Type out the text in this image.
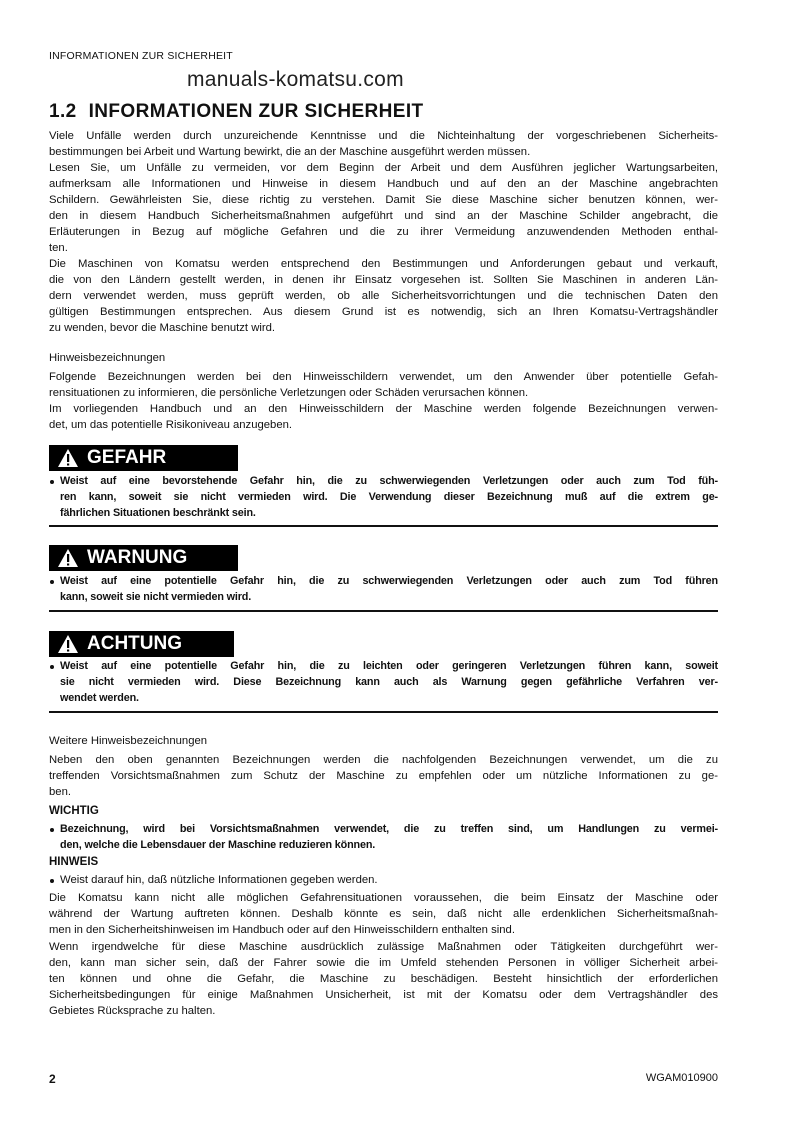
INFORMATIONEN ZUR SICHERHEIT
manuals-komatsu.com
1.2 INFORMATIONEN ZUR SICHERHEIT
Viele Unfälle werden durch unzureichende Kenntnisse und die Nichteinhaltung der vorgeschriebenen Sicherheits-
bestimmungen bei Arbeit und Wartung bewirkt, die an der Maschine ausgeführt werden müssen.
Lesen Sie, um Unfälle zu vermeiden, vor dem Beginn der Arbeit und dem Ausführen jeglicher Wartungsarbeiten,
aufmerksam alle Informationen und Hinweise in diesem Handbuch und auf den an der Maschine angebrachten
Schildern. Gewährleisten Sie, diese richtig zu verstehen. Damit Sie diese Maschine sicher benutzen können, wer-
den in diesem Handbuch Sicherheitsmaßnahmen aufgeführt und sind an der Maschine Schilder angebracht, die
Erläuterungen in Bezug auf mögliche Gefahren und die zu ihrer Vermeidung anzuwendenden Methoden enthal-
ten.
Die Maschinen von Komatsu werden entsprechend den Bestimmungen und Anforderungen gebaut und verkauft,
die von den Ländern gestellt werden, in denen ihr Einsatz vorgesehen ist. Sollten Sie Maschinen in anderen Län-
dern verwendet werden, muss geprüft werden, ob alle Sicherheitsvorrichtungen und die technischen Daten den
gültigen Bestimmungen entsprechen. Aus diesem Grund ist es notwendig, sich an Ihren Komatsu-Vertragshändler
zu wenden, bevor die Maschine benutzt wird.
Hinweisbezeichnungen
Folgende Bezeichnungen werden bei den Hinweisschildern verwendet, um den Anwender über potentielle Gefah-
rensituationen zu informieren, die persönliche Verletzungen oder Schäden verursachen können.
Im vorliegenden Handbuch und an den Hinweisschildern der Maschine werden folgende Bezeichnungen verwen-
det, um das potentielle Risikoniveau anzugeben.
GEFAHR
Weist auf eine bevorstehende Gefahr hin, die zu schwerwiegenden Verletzungen oder auch zum Tod füh-
ren kann, soweit sie nicht vermieden wird. Die Verwendung dieser Bezeichnung muß auf die extrem ge-
fährlichen Situationen beschränkt sein.
WARNUNG
Weist auf eine potentielle Gefahr hin, die zu schwerwiegenden Verletzungen oder auch zum Tod führen
kann, soweit sie nicht vermieden wird.
ACHTUNG
Weist auf eine potentielle Gefahr hin, die zu leichten oder geringeren Verletzungen führen kann, soweit
sie nicht vermieden wird. Diese Bezeichnung kann auch als Warnung gegen gefährliche Verfahren ver-
wendet werden.
Weitere Hinweisbezeichnungen
Neben den oben genannten Bezeichnungen werden die nachfolgenden Bezeichnungen verwendet, um die zu
treffenden Vorsichtsmaßnahmen zum Schutz der Maschine zu empfehlen oder um nützliche Informationen zu ge-
ben.
WICHTIG
Bezeichnung, wird bei Vorsichtsmaßnahmen verwendet, die zu treffen sind, um Handlungen zu vermei-
den, welche die Lebensdauer der Maschine reduzieren können.
HINWEIS
Weist darauf hin, daß nützliche Informationen gegeben werden.
Die Komatsu kann nicht alle möglichen Gefahrensituationen voraussehen, die beim Einsatz der Maschine oder
während der Wartung auftreten können. Deshalb könnte es sein, daß nicht alle erdenklichen Sicherheitsmaßnah-
men in den Sicherheitshinweisen im Handbuch oder auf den Hinweisschildern enthalten sind.
Wenn irgendwelche für diese Maschine ausdrücklich zulässige Maßnahmen oder Tätigkeiten durchgeführt wer-
den, kann man sicher sein, daß der Fahrer sowie die im Umfeld stehenden Personen in völliger Sicherheit arbei-
ten können und ohne die Gefahr, die Maschine zu beschädigen. Besteht hinsichtlich der erforderlichen
Sicherheitsbedingungen für einige Maßnahmen Unsicherheit, ist mit der Komatsu oder dem Vertragshändler des
Gebietes Rücksprache zu halten.
2	WGAM010900
